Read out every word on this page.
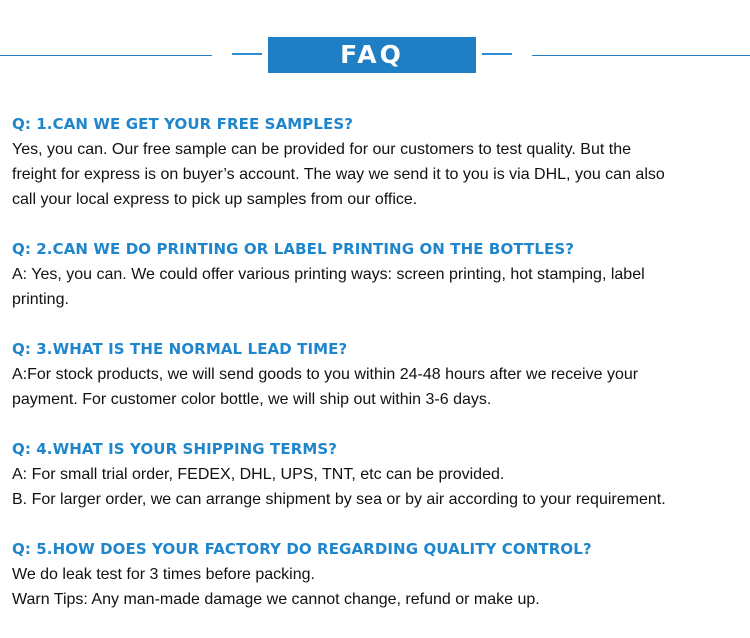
FAQ
Q: 1.CAN WE GET YOUR FREE SAMPLES?
Yes, you can. Our free sample can be provided for our customers to test quality. But the
freight for express is on buyer’s account. The way we send it to you is via DHL, you can also
call your local express to pick up samples from our office.
Q: 2.CAN WE DO PRINTING OR LABEL PRINTING ON THE BOTTLES?
A: Yes, you can. We could offer various printing ways: screen printing, hot stamping, label
printing.
Q: 3.WHAT IS THE NORMAL LEAD TIME?
A:For stock products, we will send goods to you within 24-48 hours after we receive your
payment. For customer color bottle, we will ship out within 3-6 days.
Q: 4.WHAT IS YOUR SHIPPING TERMS?
A: For small trial order, FEDEX, DHL, UPS, TNT, etc can be provided.
B. For larger order, we can arrange shipment by sea or by air according to your requirement.
Q: 5.HOW DOES YOUR FACTORY DO REGARDING QUALITY CONTROL?
We do leak test for 3 times before packing.
Warn Tips: Any man-made damage we cannot change, refund or make up.
